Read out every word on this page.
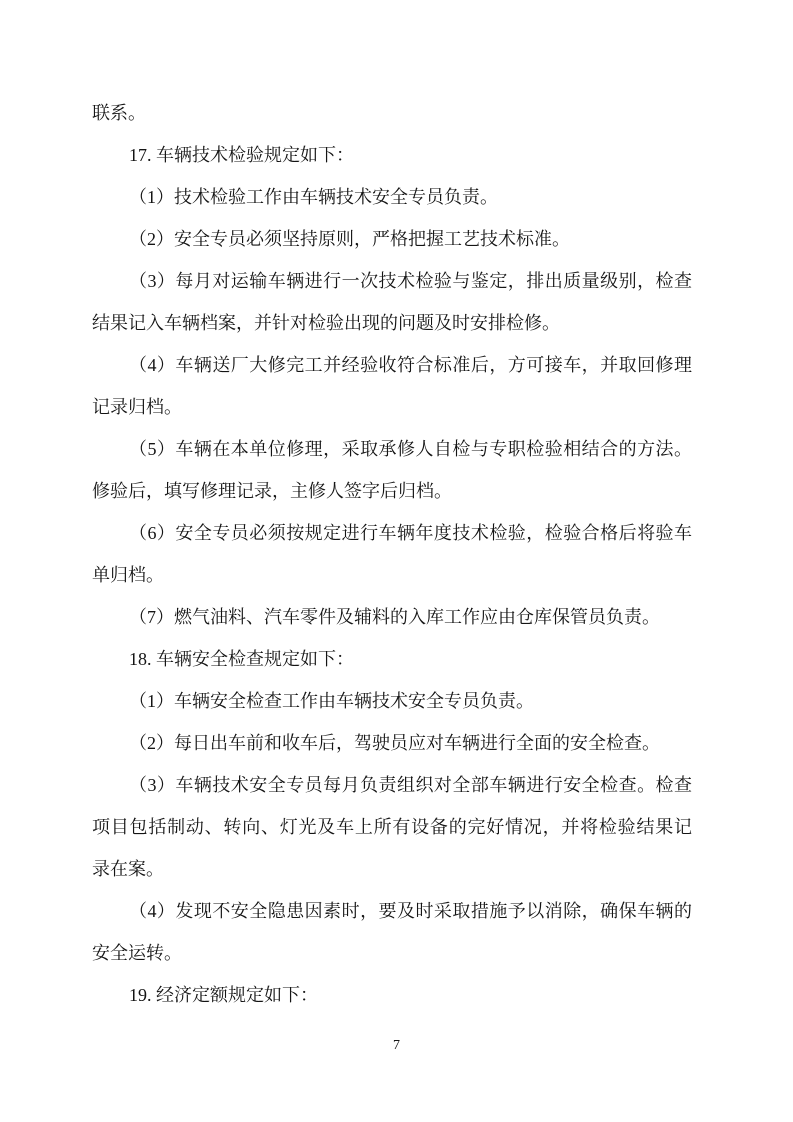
联系。
17. 车辆技术检验规定如下：
（1）技术检验工作由车辆技术安全专员负责。
（2）安全专员必须坚持原则，严格把握工艺技术标准。
（3）每月对运输车辆进行一次技术检验与鉴定，排出质量级别，检查
结果记入车辆档案，并针对检验出现的问题及时安排检修。
（4）车辆送厂大修完工并经验收符合标准后，方可接车，并取回修理
记录归档。
（5）车辆在本单位修理，采取承修人自检与专职检验相结合的方法。
修验后，填写修理记录，主修人签字后归档。
（6）安全专员必须按规定进行车辆年度技术检验，检验合格后将验车
单归档。
（7）燃气油料、汽车零件及辅料的入库工作应由仓库保管员负责。
18. 车辆安全检查规定如下：
（1）车辆安全检查工作由车辆技术安全专员负责。
（2）每日出车前和收车后，驾驶员应对车辆进行全面的安全检查。
（3）车辆技术安全专员每月负责组织对全部车辆进行安全检查。检查
项目包括制动、转向、灯光及车上所有设备的完好情况，并将检验结果记
录在案。
（4）发现不安全隐患因素时，要及时采取措施予以消除，确保车辆的
安全运转。
19. 经济定额规定如下：
7
